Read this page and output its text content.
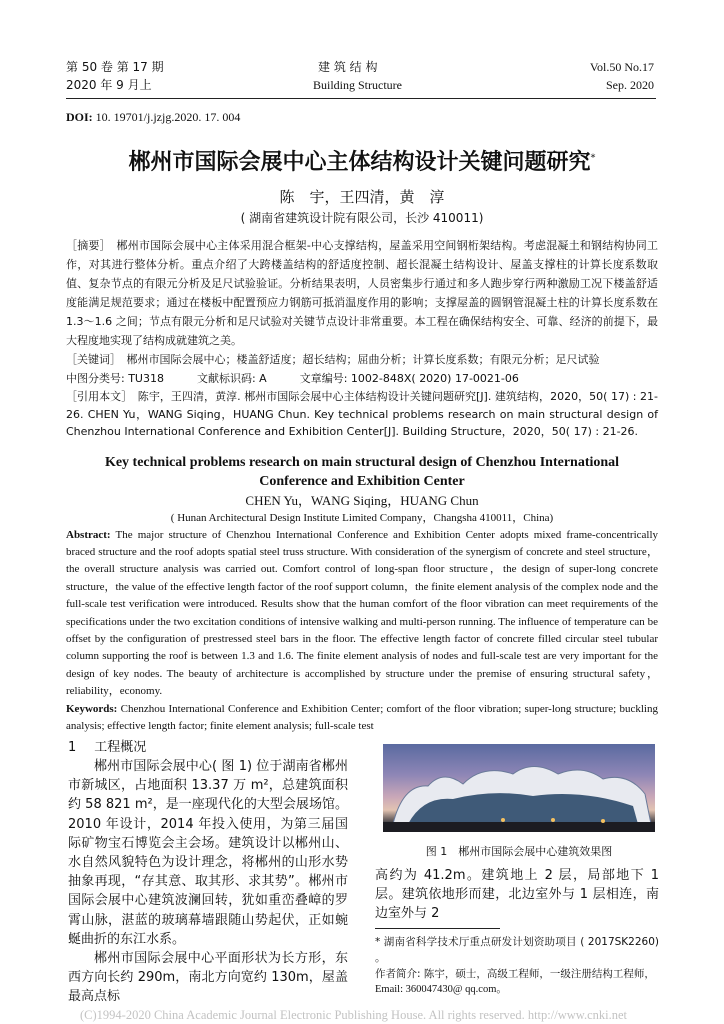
第 50 卷 第 17 期
2020 年 9 月上
建 筑 结 构
Building Structure
Vol.50 No.17
Sep. 2020
DOI: 10. 19701/j.jzjg.2020. 17. 004
郴州市国际会展中心主体结构设计关键问题研究*
陈　宇，王四清，黄　淳
( 湖南省建筑设计院有限公司，长沙 410011)
［摘要］　 郴州市国际会展中心主体采用混合框架-中心支撑结构，屋盖采用空间钢桁架结构。考虑混凝土和钢结构协同工作，对其进行整体分析。重点介绍了大跨楼盖结构的舒适度控制、超长混凝土结构设计、屋盖支撑柱的计算长度系数取值、复杂节点的有限元分析及足尺试验验证。分析结果表明，人员密集步行通过和多人跑步穿行两种激励工况下楼盖舒适度能满足规范要求；通过在楼板中配置预应力钢筋可抵消温度作用的影响；支撑屋盖的圆钢管混凝土柱的计算长度系数在 1.3～1.6 之间；节点有限元分析和足尺试验对关键节点设计非常重要。本工程在确保结构安全、可靠、经济的前提下，最大程度地实现了结构成就建筑之美。
［关键词］　 郴州市国际会展中心；楼盖舒适度；超长结构；屈曲分析；计算长度系数；有限元分析；足尺试验
中图分类号: TU318　　　	文献标识码: A　　　	文章编号: 1002-848X( 2020) 17-0021-06
［引用本文］　 陈宇，王四清，黄淳. 郴州市国际会展中心主体结构设计关键问题研究[J]. 建筑结构，2020，50( 17) : 21-26. CHEN Yu，WANG Siqing，HUANG Chun. Key technical problems research on main structural design of Chenzhou International Conference and Exhibition Center[J]. Building Structure，2020，50( 17) : 21-26.
Key technical problems research on main structural design of Chenzhou International
Conference and Exhibition Center
CHEN Yu，WANG Siqing，HUANG Chun
( Hunan Architectural Design Institute Limited Company，Changsha 410011，China)
Abstract: The major structure of Chenzhou International Conference and Exhibition Center adopts mixed frame-concentrically braced structure and the roof adopts spatial steel truss structure. With consideration of the synergism of concrete and steel structure，the overall structure analysis was carried out. Comfort control of long-span floor structure，the design of super-long concrete structure，the value of the effective length factor of the roof support column，the finite element analysis of the complex node and the full-scale test verification were introduced. Results show that the human comfort of the floor vibration can meet requirements of the specifications under the two excitation conditions of intensive walking and multi-person running. The influence of temperature can be offset by the configuration of prestressed steel bars in the floor. The effective length factor of concrete filled circular steel tubular column supporting the roof is between 1.3 and 1.6. The finite element analysis of nodes and full-scale test are very important for the design of key nodes. The beauty of architecture is accomplished by structure under the premise of ensuring structural safety，reliability，economy.
Keywords: Chenzhou International Conference and Exhibition Center; comfort of the floor vibration; super-long structure; buckling analysis; effective length factor; finite element analysis; full-scale test
1 工程概况
郴州市国际会展中心( 图 1) 位于湖南省郴州市新城区，占地面积 13.37 万 m²，总建筑面积约 58 821 m²，是一座现代化的大型会展场馆。2010 年设计，2014 年投入使用，为第三届国际矿物宝石博览会主会场。建筑设计以郴州山、水自然风貌特色为设计理念，将郴州的山形水势抽象再现，“存其意、取其形、求其势”。郴州市国际会展中心建筑波澜回转，犹如重峦叠嶂的罗霄山脉，湛蓝的玻璃幕墙跟随山势起伏，正如蜿蜒曲折的东江水系。
郴州市国际会展中心平面形状为长方形，东西方向长约 290m，南北方向宽约 130m，屋盖最高点标
图 1　郴州市国际会展中心建筑效果图
高约为 41.2m。建筑地上 2 层，局部地下 1 层。建筑依地形而建，北边室外与 1 层相连，南边室外与 2
* 湖南省科学技术厅重点研发计划资助项目 ( 2017SK2260) 。
作者简介: 陈宇，硕士，高级工程师，一级注册结构工程师，
Email: 360047430@ qq.com。
(C)1994-2020 China Academic Journal Electronic Publishing House. All rights reserved. http://www.cnki.net
